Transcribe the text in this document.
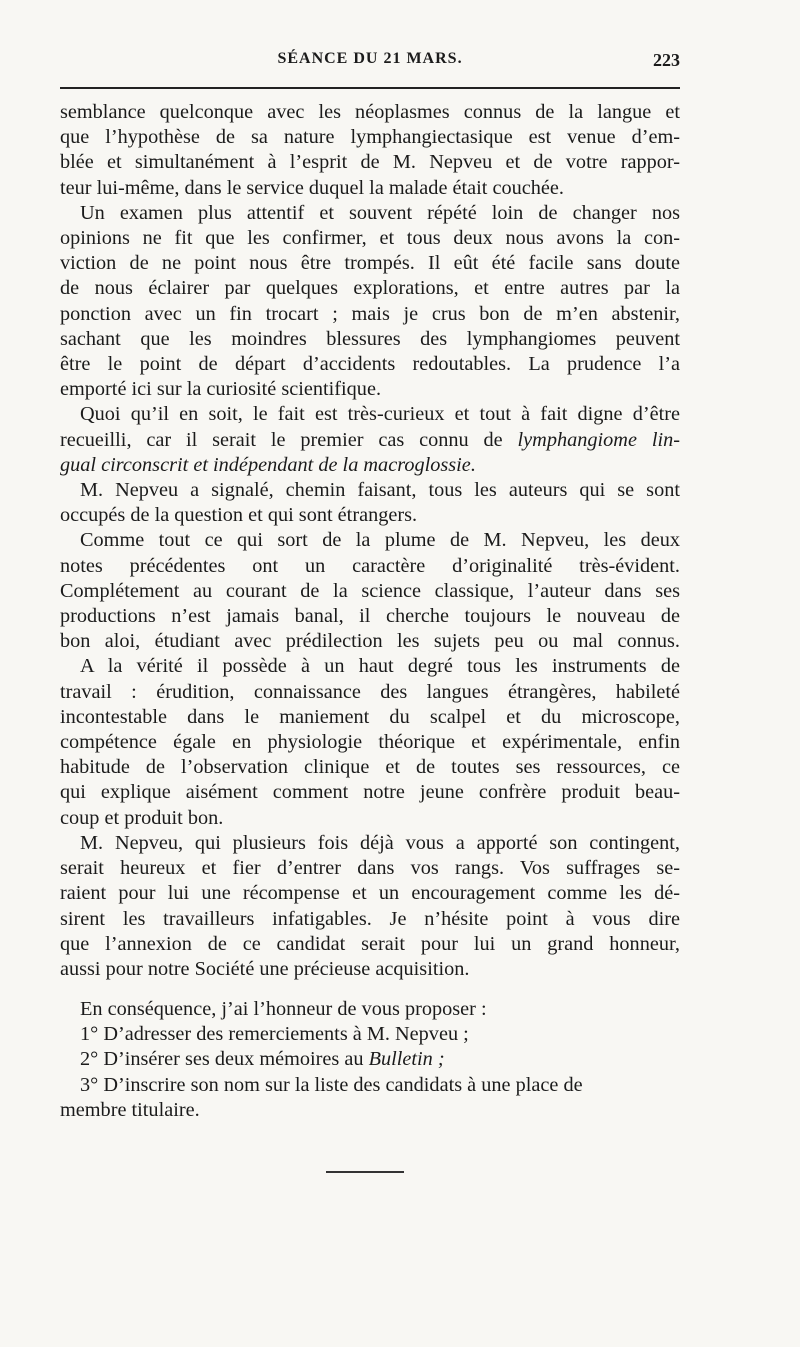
SÉANCE DU 21 MARS.	223

semblance quelconque avec les néoplasmes connus de la langue et
que l’hypothèse de sa nature lymphangiectasique est venue d’em-
blée et simultanément à l’esprit de M. Nepveu et de votre rappor-
teur lui-même, dans le service duquel la malade était couchée.

Un examen plus attentif et souvent répété loin de changer nos
opinions ne fit que les confirmer, et tous deux nous avons la con-
viction de ne point nous être trompés. Il eût été facile sans doute
de nous éclairer par quelques explorations, et entre autres par la
ponction avec un fin trocart ; mais je crus bon de m’en abstenir,
sachant que les moindres blessures des lymphangiomes peuvent
être le point de départ d’accidents redoutables. La prudence l’a
emporté ici sur la curiosité scientifique.

Quoi qu’il en soit, le fait est très-curieux et tout à fait digne d’être
recueilli, car il serait le premier cas connu de lymphangiome lin-
gual circonscrit et indépendant de la macroglossie.

M. Nepveu a signalé, chemin faisant, tous les auteurs qui se sont
occupés de la question et qui sont étrangers.

Comme tout ce qui sort de la plume de M. Nepveu, les deux
notes précédentes ont un caractère d’originalité très-évident.
Complétement au courant de la science classique, l’auteur dans ses
productions n’est jamais banal, il cherche toujours le nouveau de
bon aloi, étudiant avec prédilection les sujets peu ou mal connus.

A la vérité il possède à un haut degré tous les instruments de
travail : érudition, connaissance des langues étrangères, habileté
incontestable dans le maniement du scalpel et du microscope,
compétence égale en physiologie théorique et expérimentale, enfin
habitude de l’observation clinique et de toutes ses ressources, ce
qui explique aisément comment notre jeune confrère produit beau-
coup et produit bon.

M. Nepveu, qui plusieurs fois déjà vous a apporté son contingent,
serait heureux et fier d’entrer dans vos rangs. Vos suffrages se-
raient pour lui une récompense et un encouragement comme les dé-
sirent les travailleurs infatigables. Je n’hésite point à vous dire
que l’annexion de ce candidat serait pour lui un grand honneur,
aussi pour notre Société une précieuse acquisition.

En conséquence, j’ai l’honneur de vous proposer :
1° D’adresser des remerciements à M. Nepveu ;
2° D’insérer ses deux mémoires au Bulletin ;
3° D’inscrire son nom sur la liste des candidats à une place de
membre titulaire.
